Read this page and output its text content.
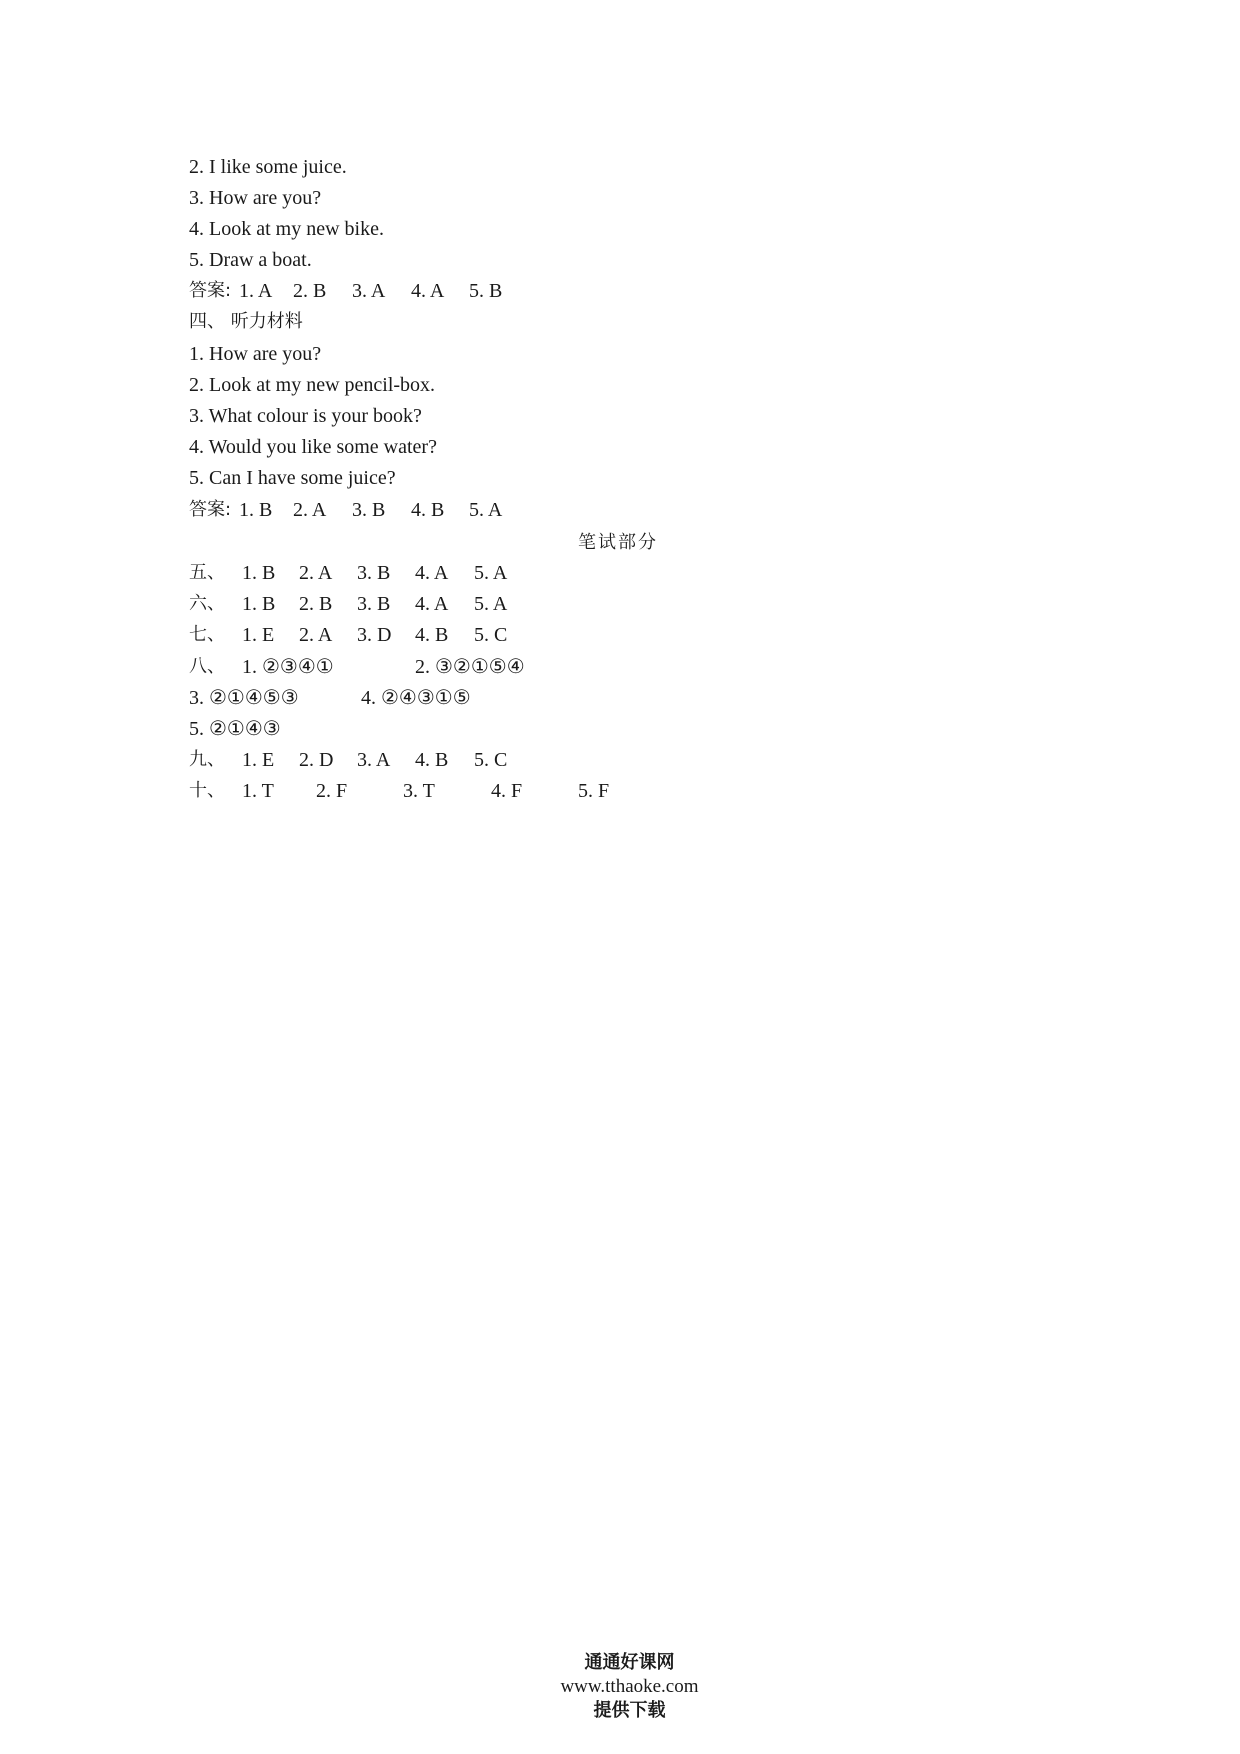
2. I like some juice.
3. How are you?
4. Look at my new bike.
5. Draw a boat.
答案: 1. A 2. B 3. A 4. A 5. B
四、 听力材料
1. How are you?
2. Look at my new pencil-box.
3. What colour is your book?
4. Would you like some water?
5. Can I have some juice?
答案: 1. B 2. A 3. B 4. B 5. A
笔试部分
五、 1. B 2. A 3. B 4. A 5. A
六、 1. B 2. B 3. B 4. A 5. A
七、 1. E 2. A 3. D 4. B 5. C
八、 1. ②③④①	2. ③②①⑤④
3. ②①④⑤③	4. ②④③①⑤
5. ②①④③
九、 1. E 2. D 3. A 4. B 5. C
十、 1. T 2. F	3. T	4. F	5. F

通通好课网
www.tthaoke.com
提供下载
